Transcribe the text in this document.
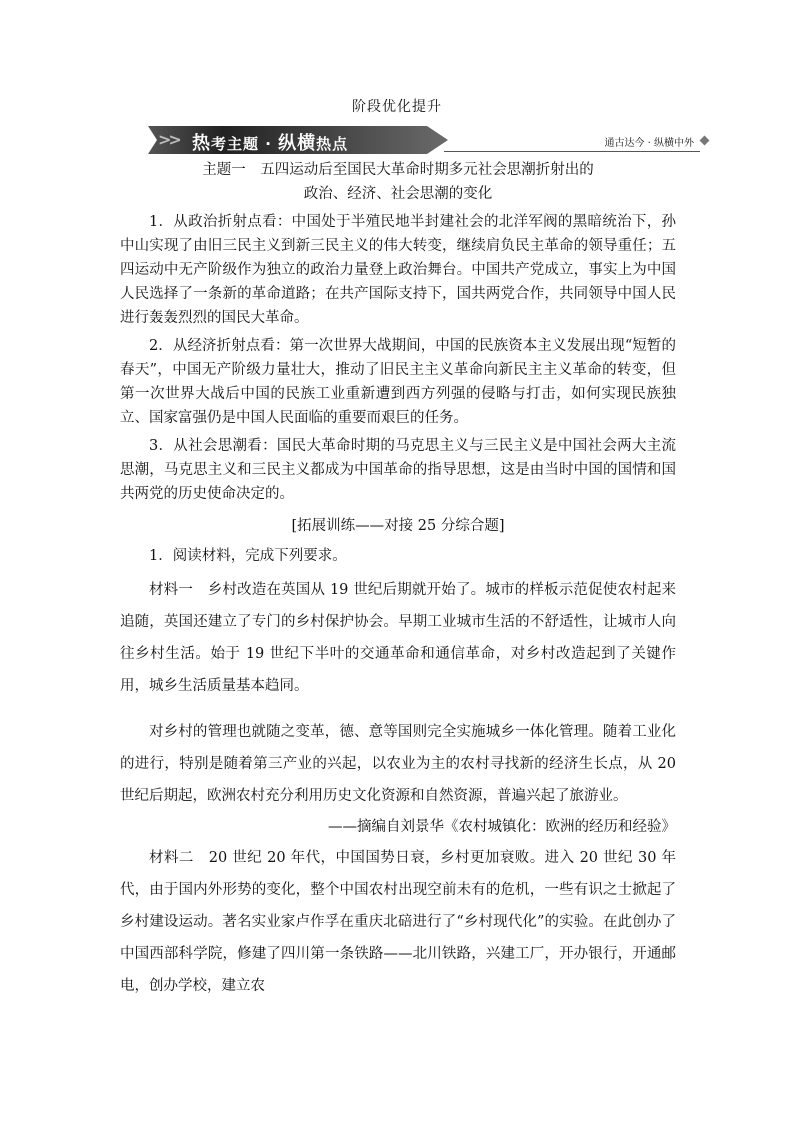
阶段优化提升
>> 热考主题 · 纵横热点	通古达今 · 纵横中外

主题一　五四运动后至国民大革命时期多元社会思潮折射出的
政治、经济、社会思潮的变化

1．从政治折射点看：中国处于半殖民地半封建社会的北洋军阀的黑暗统治下，孙中山实现了由旧三民主义到新三民主义的伟大转变，继续肩负民主革命的领导重任；五四运动中无产阶级作为独立的政治力量登上政治舞台。中国共产党成立，事实上为中国人民选择了一条新的革命道路；在共产国际支持下，国共两党合作，共同领导中国人民进行轰轰烈烈的国民大革命。

2．从经济折射点看：第一次世界大战期间，中国的民族资本主义发展出现“短暂的春天”，中国无产阶级力量壮大，推动了旧民主主义革命向新民主主义革命的转变，但第一次世界大战后中国的民族工业重新遭到西方列强的侵略与打击，如何实现民族独立、国家富强仍是中国人民面临的重要而艰巨的任务。

3．从社会思潮看：国民大革命时期的马克思主义与三民主义是中国社会两大主流思潮，马克思主义和三民主义都成为中国革命的指导思想，这是由当时中国的国情和国共两党的历史使命决定的。

[拓展训练——对接 25 分综合题]

1．阅读材料，完成下列要求。

材料一　乡村改造在英国从 19 世纪后期就开始了。城市的样板示范促使农村起来追随，英国还建立了专门的乡村保护协会。早期工业城市生活的不舒适性，让城市人向往乡村生活。始于 19 世纪下半叶的交通革命和通信革命，对乡村改造起到了关键作用，城乡生活质量基本趋同。

对乡村的管理也就随之变革，德、意等国则完全实施城乡一体化管理。随着工业化的进行，特别是随着第三产业的兴起，以农业为主的农村寻找新的经济生长点，从 20 世纪后期起，欧洲农村充分利用历史文化资源和自然资源，普遍兴起了旅游业。

——摘编自刘景华《农村城镇化：欧洲的经历和经验》

材料二　20 世纪 20 年代，中国国势日衰，乡村更加衰败。进入 20 世纪 30 年代，由于国内外形势的变化，整个中国农村出现空前未有的危机，一些有识之士掀起了乡村建设运动。著名实业家卢作孚在重庆北碚进行了“乡村现代化”的实验。在此创办了中国西部科学院，修建了四川第一条铁路——北川铁路，兴建工厂，开办银行，开通邮电，创办学校，建立农
